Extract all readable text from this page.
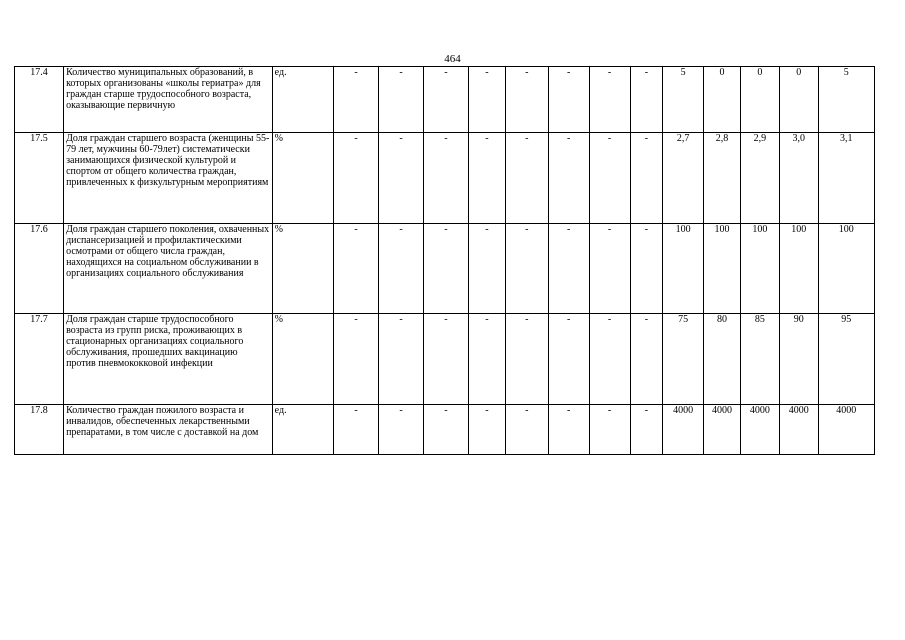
464
17.4	Количество муниципальных образований, в которых организованы «школы гериатра» для граждан старше трудоспособного возраста, оказывающие первичную	ед.	-	-	-	-	-	-	-	-	5	0	0	0	5
17.5	Доля граждан старшего возраста (женщины 55-79 лет, мужчины 60-79лет) систематически занимающихся физической культурой и спортом от общего количества граждан, привлеченных к физкультурным мероприятиям	%	-	-	-	-	-	-	-	-	2,7	2,8	2,9	3,0	3,1
17.6	Доля граждан старшего поколения, охваченных диспансеризацией и профилактическими осмотрами от общего числа граждан, находящихся на социальном обслуживании в организациях социального обслуживания	%	-	-	-	-	-	-	-	-	100	100	100	100	100
17.7	Доля граждан старше трудоспособного возраста из групп риска, проживающих в стационарных организациях социального обслуживания, прошедших вакцинацию против пневмококковой инфекции	%	-	-	-	-	-	-	-	-	75	80	85	90	95
17.8	Количество граждан пожилого возраста и инвалидов, обеспеченных лекарственными препаратами, в том числе с доставкой на дом	ед.	-	-	-	-	-	-	-	-	4000	4000	4000	4000	4000
